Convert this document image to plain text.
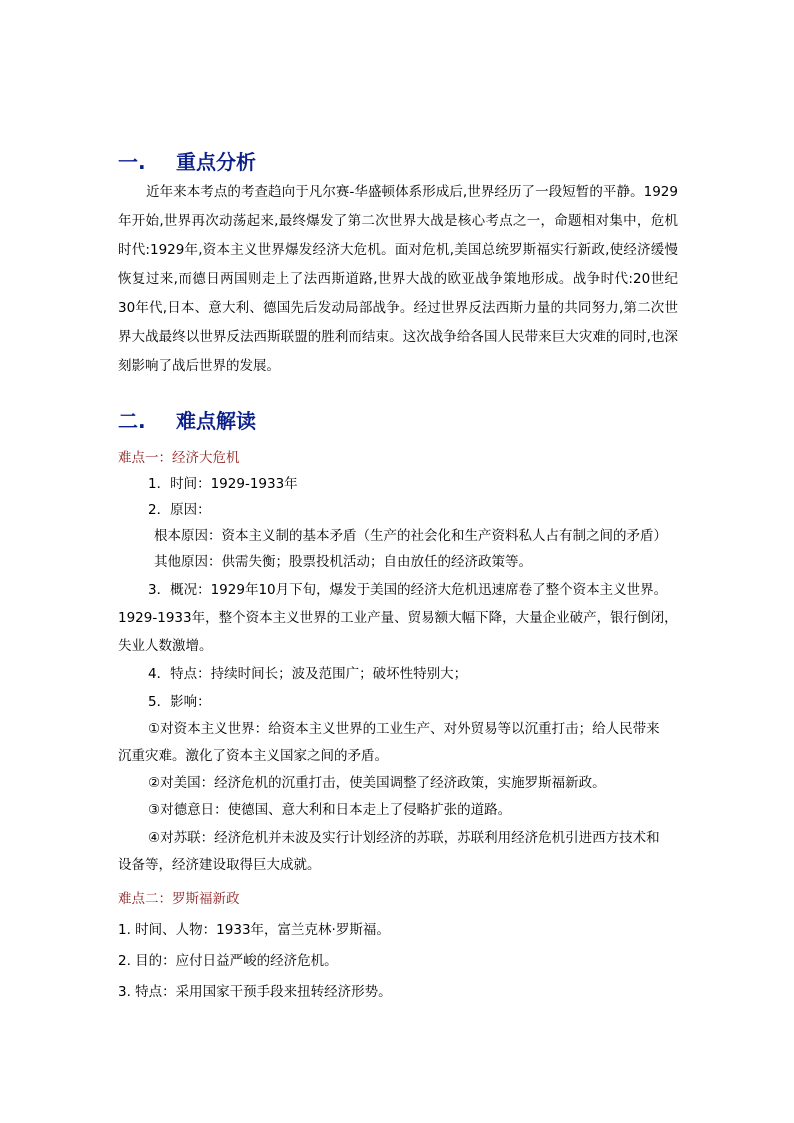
一. 重点分析
近年来本考点的考查趋向于凡尔赛-华盛顿体系形成后,世界经历了一段短暂的平静。1929年开始,世界再次动荡起来,最终爆发了第二次世界大战是核心考点之一，命题相对集中，危机时代:1929年,资本主义世界爆发经济大危机。面对危机,美国总统罗斯福实行新政,使经济缓慢恢复过来,而德日两国则走上了法西斯道路,世界大战的欧亚战争策地形成。战争时代:20世纪30年代,日本、意大利、德国先后发动局部战争。经过世界反法西斯力量的共同努力,第二次世界大战最终以世界反法西斯联盟的胜利而结束。这次战争给各国人民带来巨大灾难的同时,也深刻影响了战后世界的发展。
二. 难点解读
难点一：经济大危机
1．时间：1929-1933年
2．原因：
根本原因：资本主义制的基本矛盾（生产的社会化和生产资料私人占有制之间的矛盾）
其他原因：供需失衡；股票投机活动；自由放任的经济政策等。
3．概况：1929年10月下旬，爆发于美国的经济大危机迅速席卷了整个资本主义世界。
1929-1933年，整个资本主义世界的工业产量、贸易额大幅下降，大量企业破产，银行倒闭，
失业人数激增。
4．特点：持续时间长；波及范围广；破坏性特别大；
5．影响：
①对资本主义世界：给资本主义世界的工业生产、对外贸易等以沉重打击；给人民带来
沉重灾难。激化了资本主义国家之间的矛盾。
②对美国：经济危机的沉重打击，使美国调整了经济政策，实施罗斯福新政。
③对德意日：使德国、意大利和日本走上了侵略扩张的道路。
④对苏联：经济危机并未波及实行计划经济的苏联，苏联利用经济危机引进西方技术和
设备等，经济建设取得巨大成就。
难点二：罗斯福新政
1. 时间、人物：1933年，富兰克林·罗斯福。
2. 目的：应付日益严峻的经济危机。
3. 特点：采用国家干预手段来扭转经济形势。
